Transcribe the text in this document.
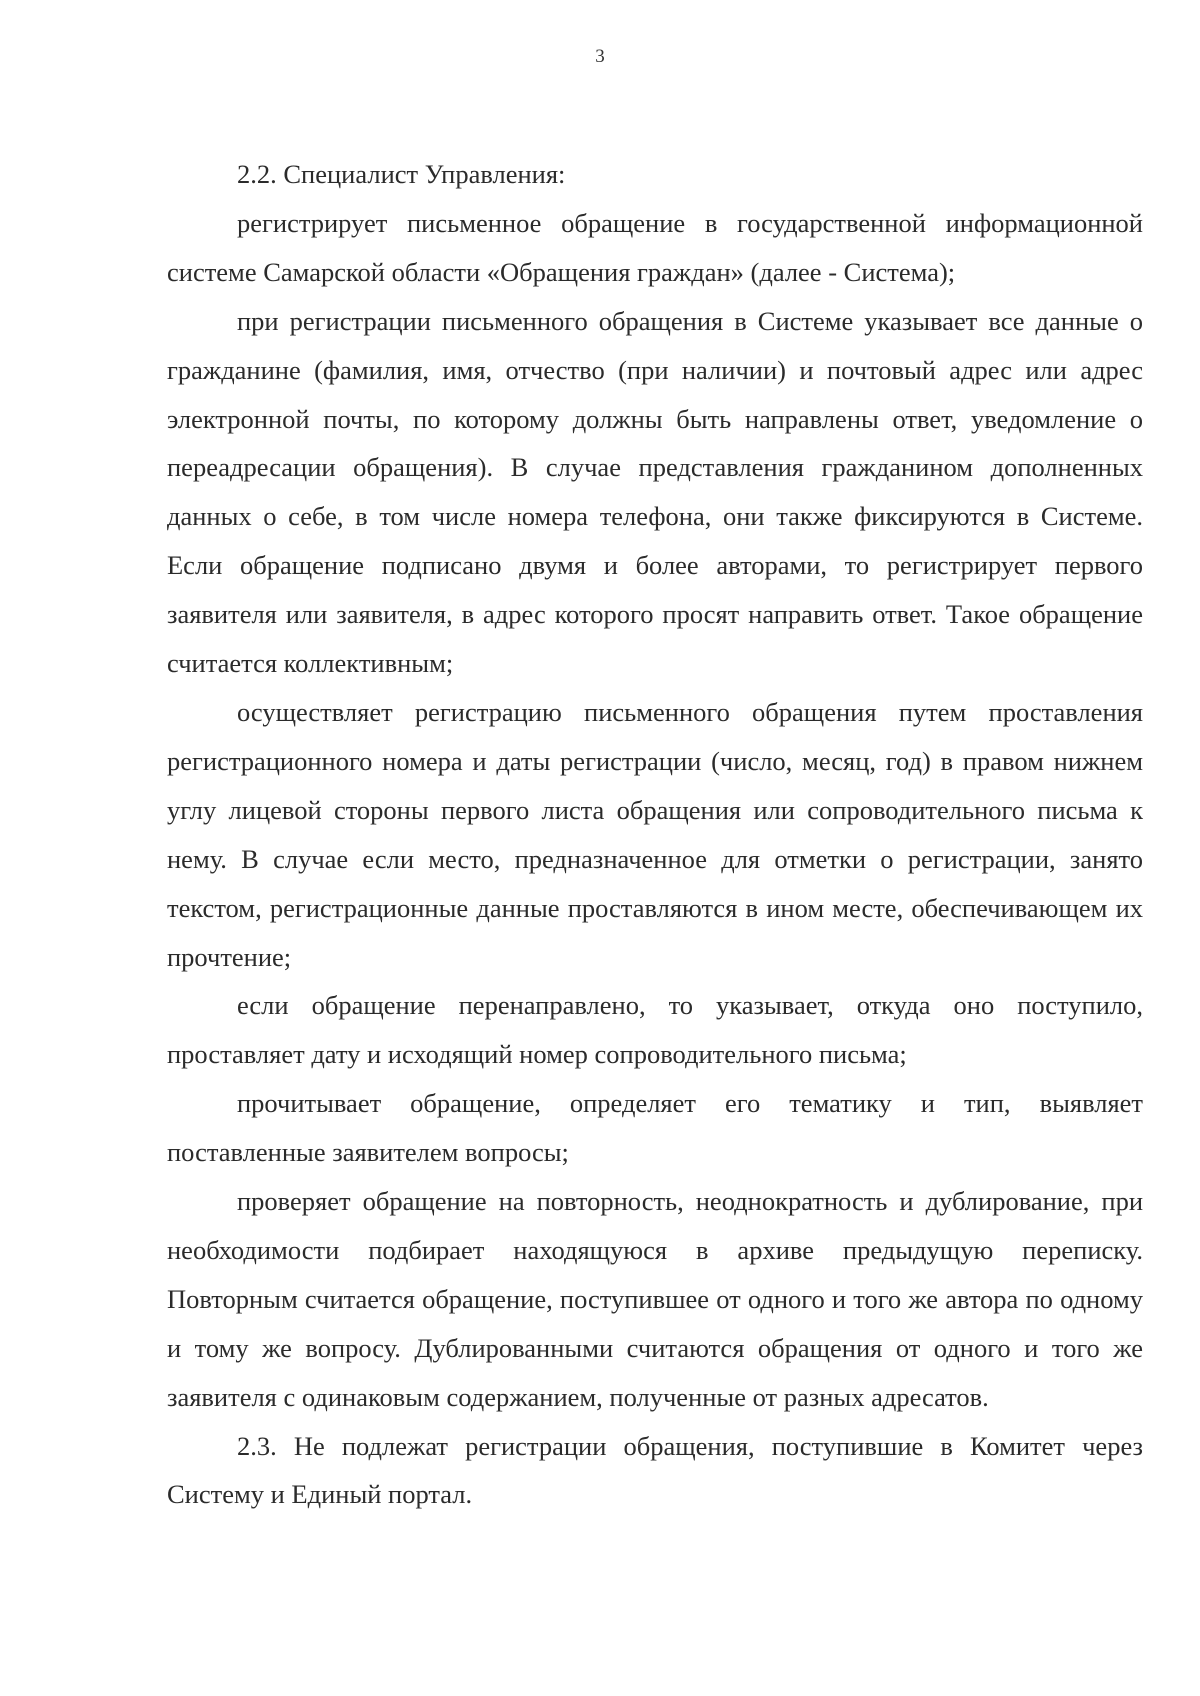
3

2.2. Специалист Управления:

регистрирует письменное обращение в государственной информационной системе Самарской области «Обращения граждан» (далее - Система);

при регистрации письменного обращения в Системе указывает все данные о гражданине (фамилия, имя, отчество (при наличии) и почтовый адрес или адрес электронной почты, по которому должны быть направлены ответ, уведомление о переадресации обращения). В случае представления гражданином дополненных данных о себе, в том числе номера телефона, они также фиксируются в Системе. Если обращение подписано двумя и более авторами, то регистрирует первого заявителя или заявителя, в адрес которого просят направить ответ. Такое обращение считается коллективным;

осуществляет регистрацию письменного обращения путем проставления регистрационного номера и даты регистрации (число, месяц, год) в правом нижнем углу лицевой стороны первого листа обращения или сопроводительного письма к нему. В случае если место, предназначенное для отметки о регистрации, занято текстом, регистрационные данные проставляются в ином месте, обеспечивающем их прочтение;

если обращение перенаправлено, то указывает, откуда оно поступило, проставляет дату и исходящий номер сопроводительного письма;

прочитывает обращение, определяет его тематику и тип, выявляет поставленные заявителем вопросы;

проверяет обращение на повторность, неоднократность и дублирование, при необходимости подбирает находящуюся в архиве предыдущую переписку. Повторным считается обращение, поступившее от одного и того же автора по одному и тому же вопросу. Дублированными считаются обращения от одного и того же заявителя с одинаковым содержанием, полученные от разных адресатов.

2.3. Не подлежат регистрации обращения, поступившие в Комитет через Систему и Единый портал.
